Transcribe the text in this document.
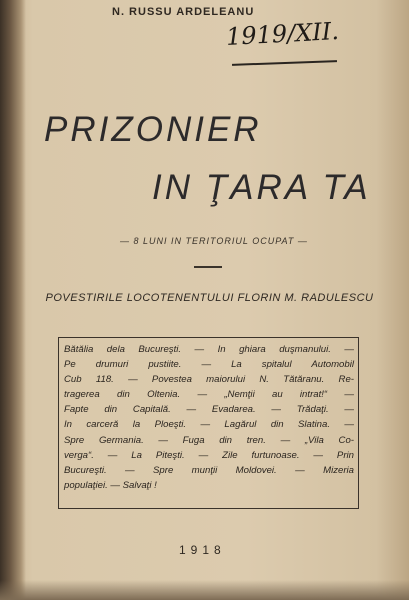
N. RUSSU ARDELEANU
1919/XII.
PRIZONIER
IN ŢARA TA
— 8 LUNI IN TERITORIUL OCUPAT —
POVESTIRILE LOCOTENENTULUI FLORIN M. RADULESCU
Bătălia dela Bucureşti. — In ghiara duşmanului. —
Pe drumuri pustiite. — La spitalul Automobil
Cub 118. — Povestea maiorului N. Tătăranu. Re-
tragerea din Oltenia. — „Nemţii au intrat!“ —
Fapte din Capitală. — Evadarea. — Trădaţi. —
In carceră la Ploeşti. — Lagărul din Slatina. —
Spre Germania. — Fuga din tren. — „Vila Co-
verga“. — La Piteşti. — Zile furtunoase. — Prin
Bucureşti. — Spre munţii Moldovei. — Mizeria
populaţiei. — Salvaţi !
1918
